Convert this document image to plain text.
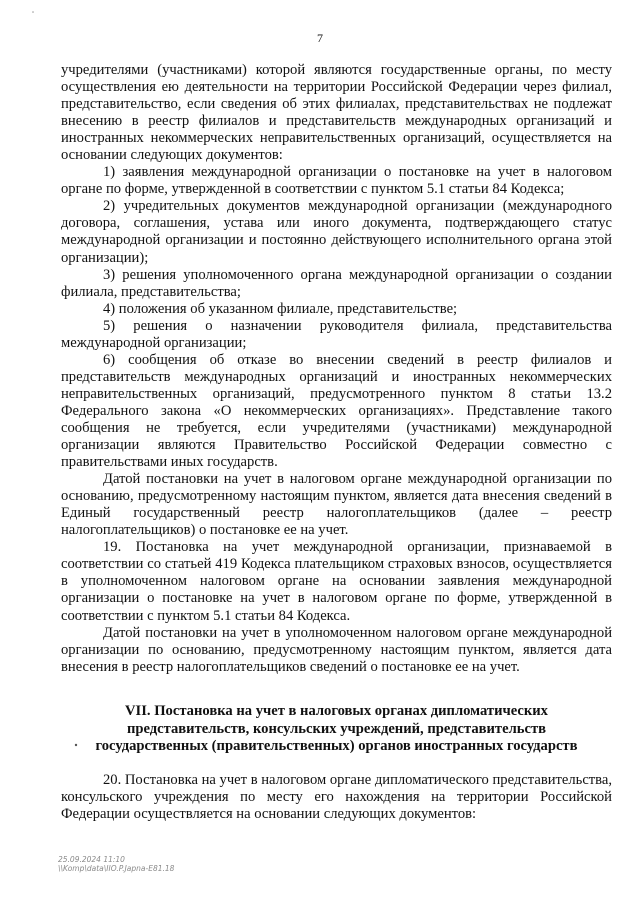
7

учредителями (участниками) которой являются государственные органы, по месту осуществления ею деятельности на территории Российской Федерации через филиал, представительство, если сведения об этих филиалах, представительствах не подлежат внесению в реестр филиалов и представительств международных организаций и иностранных некоммерческих неправительственных организаций, осуществляется на основании следующих документов:

1) заявления международной организации о постановке на учет в налоговом органе по форме, утвержденной в соответствии с пунктом 5.1 статьи 84 Кодекса;

2) учредительных документов международной организации (международного договора, соглашения, устава или иного документа, подтверждающего статус международной организации и постоянно действующего исполнительного органа этой организации);

3) решения уполномоченного органа международной организации о создании филиала, представительства;

4) положения об указанном филиале, представительстве;

5) решения о назначении руководителя филиала, представительства международной организации;

6) сообщения об отказе во внесении сведений в реестр филиалов и представительств международных организаций и иностранных некоммерческих неправительственных организаций, предусмотренного пунктом 8 статьи 13.2 Федерального закона «О некоммерческих организациях». Представление такого сообщения не требуется, если учредителями (участниками) международной организации являются Правительство Российской Федерации совместно с правительствами иных государств.

Датой постановки на учет в налоговом органе международной организации по основанию, предусмотренному настоящим пунктом, является дата внесения сведений в Единый государственный реестр налогоплательщиков (далее – реестр налогоплательщиков) о постановке ее на учет.

19. Постановка на учет международной организации, признаваемой в соответствии со статьей 419 Кодекса плательщиком страховых взносов, осуществляется в уполномоченном налоговом органе на основании заявления международной организации о постановке на учет в налоговом органе по форме, утвержденной в соответствии с пунктом 5.1 статьи 84 Кодекса.

Датой постановки на учет в уполномоченном налоговом органе международной организации по основанию, предусмотренному настоящим пунктом, является дата внесения в реестр налогоплательщиков сведений о постановке ее на учет.

VII. Постановка на учет в налоговых органах дипломатических
представительств, консульских учреждений, представительств
государственных (правительственных) органов иностранных государств

20. Постановка на учет в налоговом органе дипломатического представительства, консульского учреждения по месту его нахождения на территории Российской Федерации осуществляется на основании следующих документов:

25.09.2024 11:10
\\Komp\data\IIO.P.Japna-E81.18
